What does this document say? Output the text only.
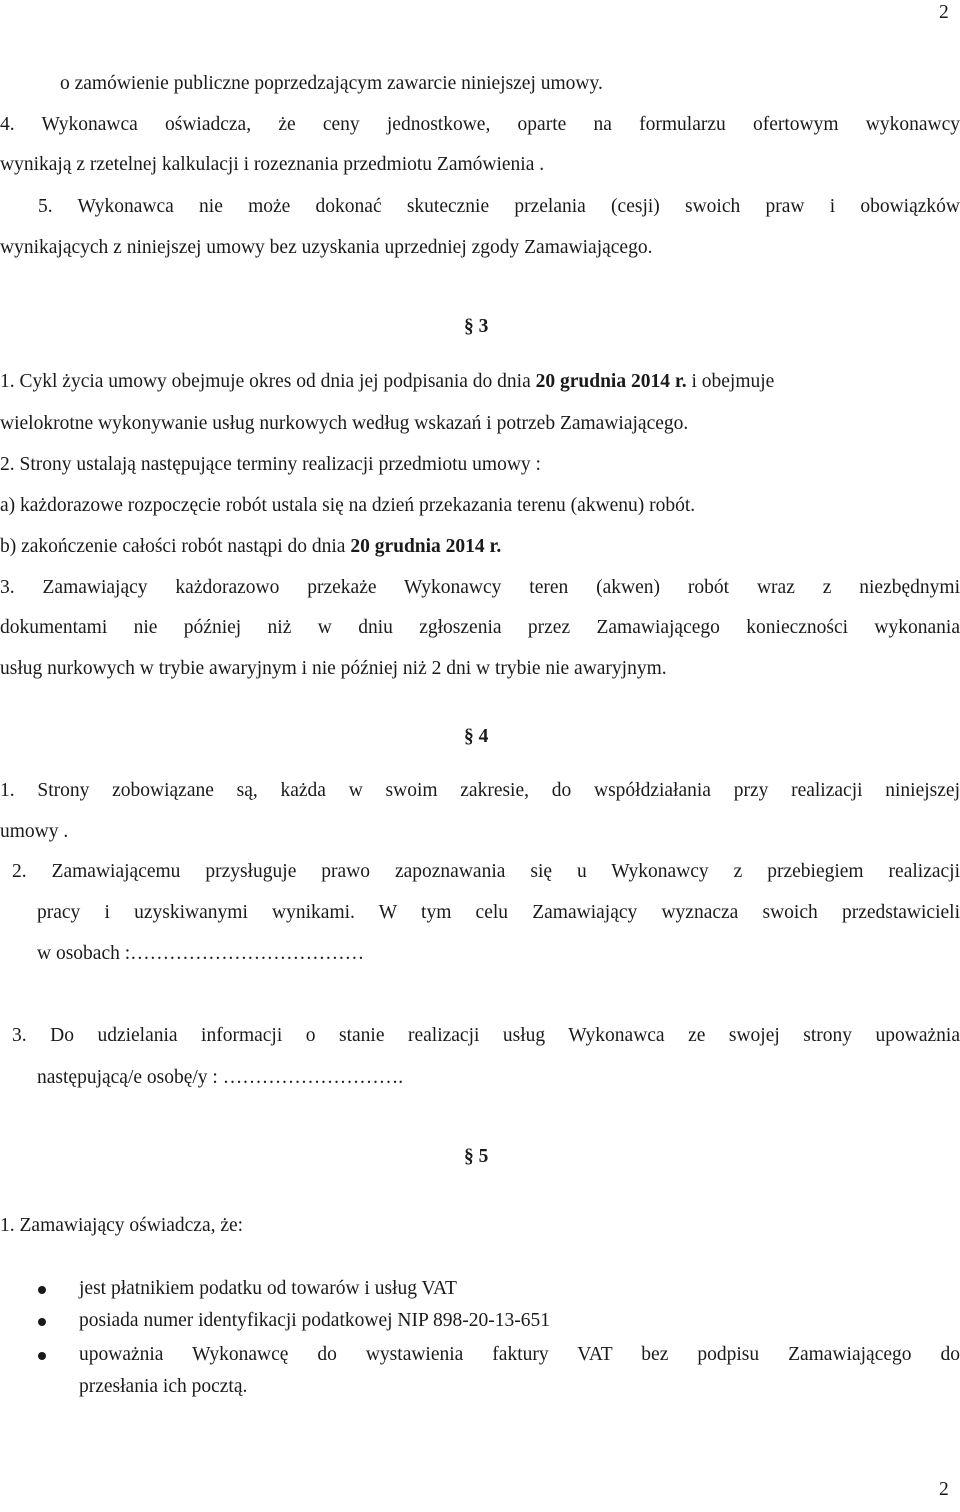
2
o zamówienie publiczne poprzedzającym zawarcie niniejszej umowy.
4. Wykonawca oświadcza, że ceny jednostkowe, oparte na formularzu ofertowym wykonawcy
wynikają z rzetelnej kalkulacji i rozeznania przedmiotu Zamówienia .
5. Wykonawca nie może dokonać skutecznie przelania (cesji) swoich praw i obowiązków
wynikających z niniejszej umowy bez uzyskania uprzedniej zgody Zamawiającego.
§ 3
1. Cykl życia umowy obejmuje okres od dnia jej podpisania do dnia 20 grudnia 2014 r. i obejmuje
wielokrotne wykonywanie usług nurkowych według wskazań i potrzeb Zamawiającego.
2. Strony ustalają następujące terminy realizacji przedmiotu umowy :
a) każdorazowe rozpoczęcie robót ustala się na dzień przekazania terenu (akwenu) robót.
b) zakończenie całości robót nastąpi do dnia 20 grudnia 2014 r.
3. Zamawiający każdorazowo przekaże Wykonawcy teren (akwen) robót wraz z niezbędnymi
dokumentami nie później niż w dniu zgłoszenia przez Zamawiającego konieczności wykonania
usług nurkowych w trybie awaryjnym i nie później niż 2 dni w trybie nie awaryjnym.
§ 4
1. Strony zobowiązane są, każda w swoim zakresie, do współdziałania przy realizacji niniejszej
umowy .
2. Zamawiającemu przysługuje prawo zapoznawania się u Wykonawcy z przebiegiem realizacji
pracy i uzyskiwanymi wynikami. W tym celu Zamawiający wyznacza swoich przedstawicieli
w osobach :………………………………
3. Do udzielania informacji o stanie realizacji usług Wykonawca ze swojej strony upoważnia
następującą/e osobę/y : ……………………….
§ 5
1. Zamawiający oświadcza, że:
jest płatnikiem podatku od towarów i usług VAT
posiada numer identyfikacji podatkowej NIP 898-20-13-651
upoważnia Wykonawcę do wystawienia faktury VAT bez podpisu Zamawiającego do
przesłania ich pocztą.
2
